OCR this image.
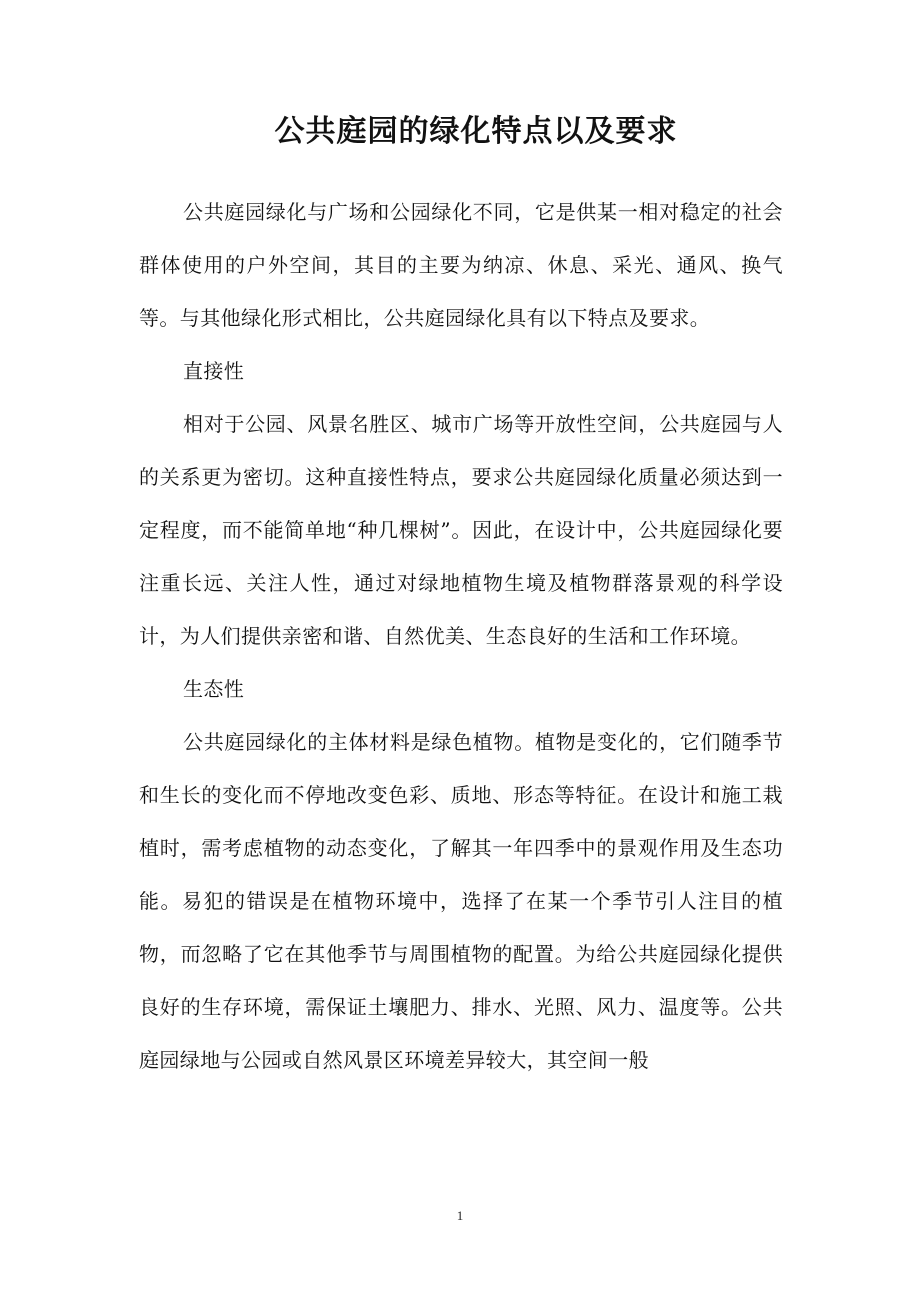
公共庭园的绿化特点以及要求

公共庭园绿化与广场和公园绿化不同，它是供某一相对稳定的社会群体使用的户外空间，其目的主要为纳凉、休息、采光、通风、换气等。与其他绿化形式相比，公共庭园绿化具有以下特点及要求。

直接性

相对于公园、风景名胜区、城市广场等开放性空间，公共庭园与人的关系更为密切。这种直接性特点，要求公共庭园绿化质量必须达到一定程度，而不能简单地“种几棵树”。因此，在设计中，公共庭园绿化要注重长远、关注人性，通过对绿地植物生境及植物群落景观的科学设计，为人们提供亲密和谐、自然优美、生态良好的生活和工作环境。

生态性

公共庭园绿化的主体材料是绿色植物。植物是变化的，它们随季节和生长的变化而不停地改变色彩、质地、形态等特征。在设计和施工栽植时，需考虑植物的动态变化，了解其一年四季中的景观作用及生态功能。易犯的错误是在植物环境中，选择了在某一个季节引人注目的植物，而忽略了它在其他季节与周围植物的配置。为给公共庭园绿化提供良好的生存环境，需保证土壤肥力、排水、光照、风力、温度等。公共庭园绿地与公园或自然风景区环境差异较大，其空间一般

1
